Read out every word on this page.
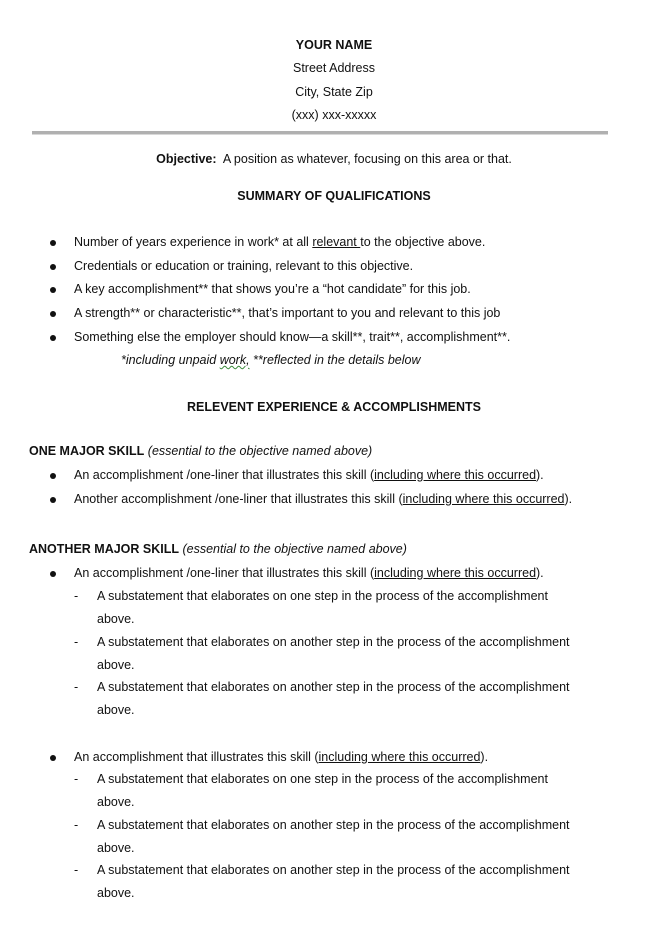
YOUR NAME
Street Address
City, State Zip
(xxx) xxx-xxxxx
Objective: A position as whatever, focusing on this area or that.
SUMMARY OF QUALIFICATIONS
Number of years experience in work* at all relevant to the objective above.
Credentials or education or training, relevant to this objective.
A key accomplishment** that shows you’re a “hot candidate” for this job.
A strength** or characteristic**, that’s important to you and relevant to this job
Something else the employer should know—a skill**, trait**, accomplishment**.
*including unpaid work, **reflected in the details below
RELEVENT EXPERIENCE & ACCOMPLISHMENTS
ONE MAJOR SKILL (essential to the objective named above)
An accomplishment /one-liner that illustrates this skill (including where this occurred).
Another accomplishment /one-liner that illustrates this skill (including where this occurred).
ANOTHER MAJOR SKILL (essential to the objective named above)
An accomplishment /one-liner that illustrates this skill (including where this occurred).
- A substatement that elaborates on one step in the process of the accomplishment
above.
- A substatement that elaborates on another step in the process of the accomplishment
above.
- A substatement that elaborates on another step in the process of the accomplishment
above.
An accomplishment that illustrates this skill (including where this occurred).
- A substatement that elaborates on one step in the process of the accomplishment
above.
- A substatement that elaborates on another step in the process of the accomplishment
above.
- A substatement that elaborates on another step in the process of the accomplishment
above.
